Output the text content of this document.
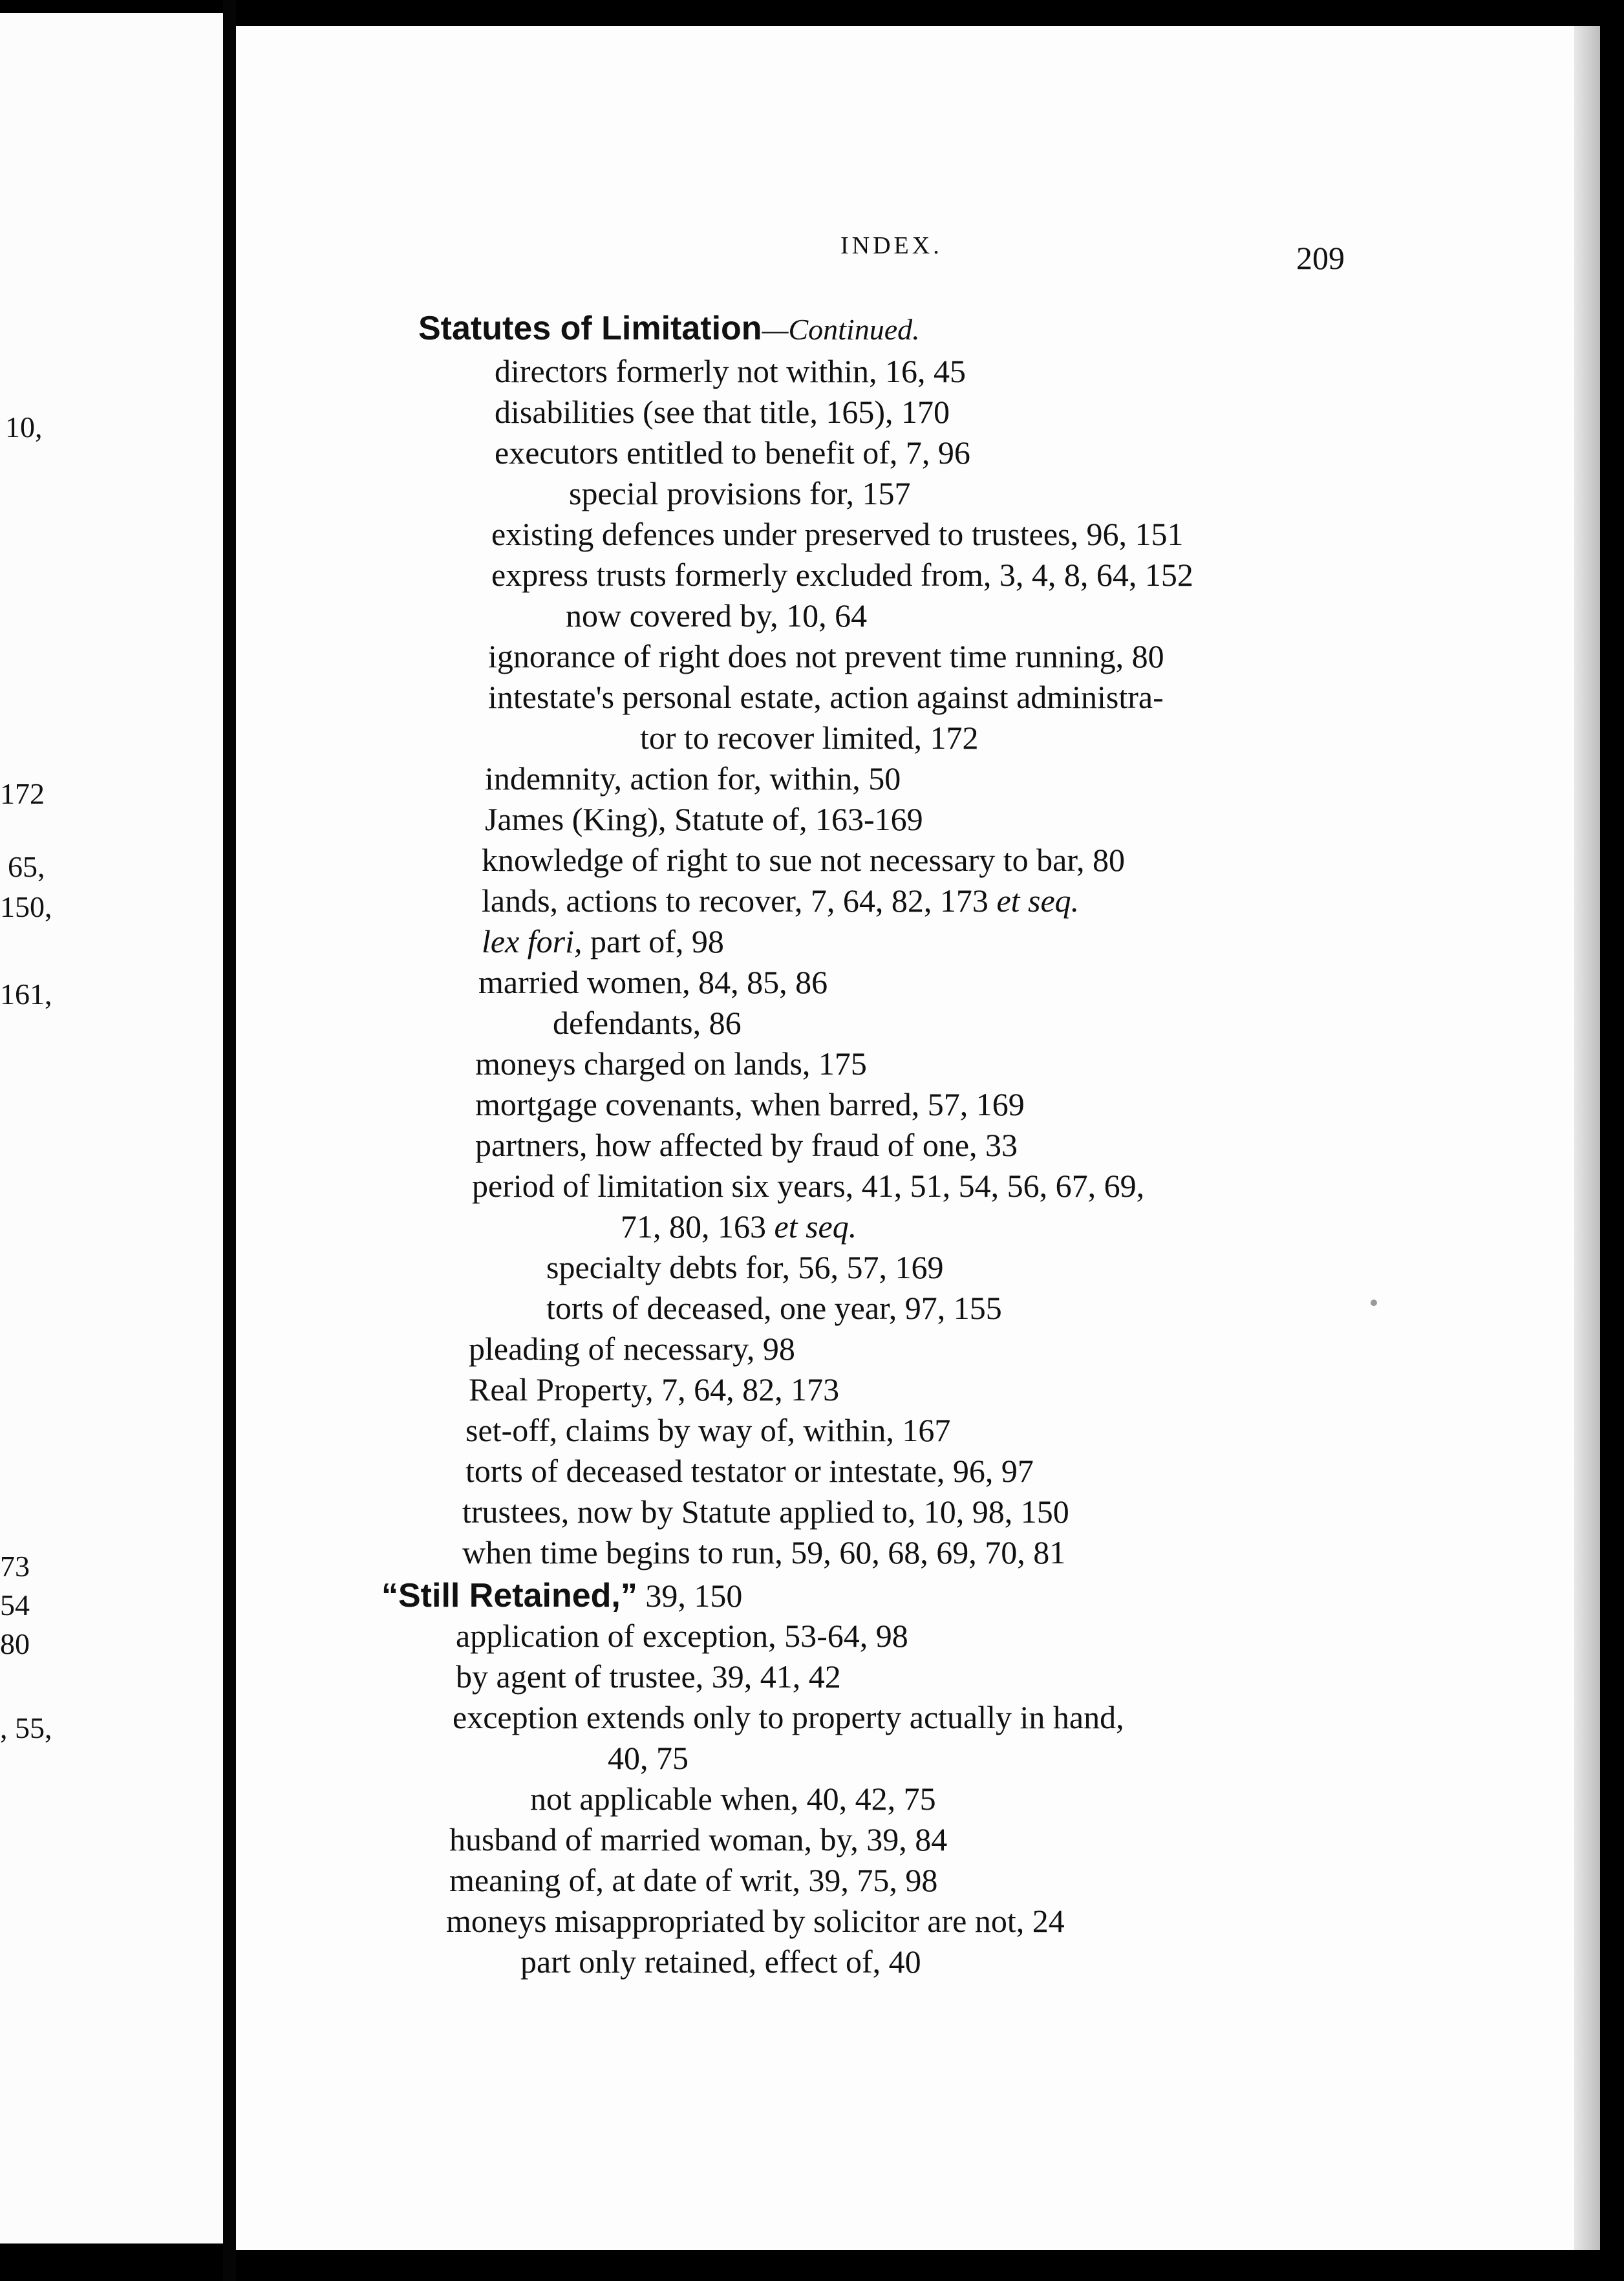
10,
172
65,
150,
161,
73
54
80
, 55,
INDEX.	209
Statutes of Limitation—Continued.
directors formerly not within, 16, 45
disabilities (see that title, 165), 170
executors entitled to benefit of, 7, 96
special provisions for, 157
existing defences under preserved to trustees, 96, 151
express trusts formerly excluded from, 3, 4, 8, 64, 152
now covered by, 10, 64
ignorance of right does not prevent time running, 80
intestate's personal estate, action against administra-
tor to recover limited, 172
indemnity, action for, within, 50
James (King), Statute of, 163-169
knowledge of right to sue not necessary to bar, 80
lands, actions to recover, 7, 64, 82, 173 et seq.
lex fori, part of, 98
married women, 84, 85, 86
defendants, 86
moneys charged on lands, 175
mortgage covenants, when barred, 57, 169
partners, how affected by fraud of one, 33
period of limitation six years, 41, 51, 54, 56, 67, 69,
71, 80, 163 et seq.
specialty debts for, 56, 57, 169
torts of deceased, one year, 97, 155
pleading of necessary, 98
Real Property, 7, 64, 82, 173
set-off, claims by way of, within, 167
torts of deceased testator or intestate, 96, 97
trustees, now by Statute applied to, 10, 98, 150
when time begins to run, 59, 60, 68, 69, 70, 81
“Still Retained,” 39, 150
application of exception, 53-64, 98
by agent of trustee, 39, 41, 42
exception extends only to property actually in hand,
40, 75
not applicable when, 40, 42, 75
husband of married woman, by, 39, 84
meaning of, at date of writ, 39, 75, 98
moneys misappropriated by solicitor are not, 24
part only retained, effect of, 40
